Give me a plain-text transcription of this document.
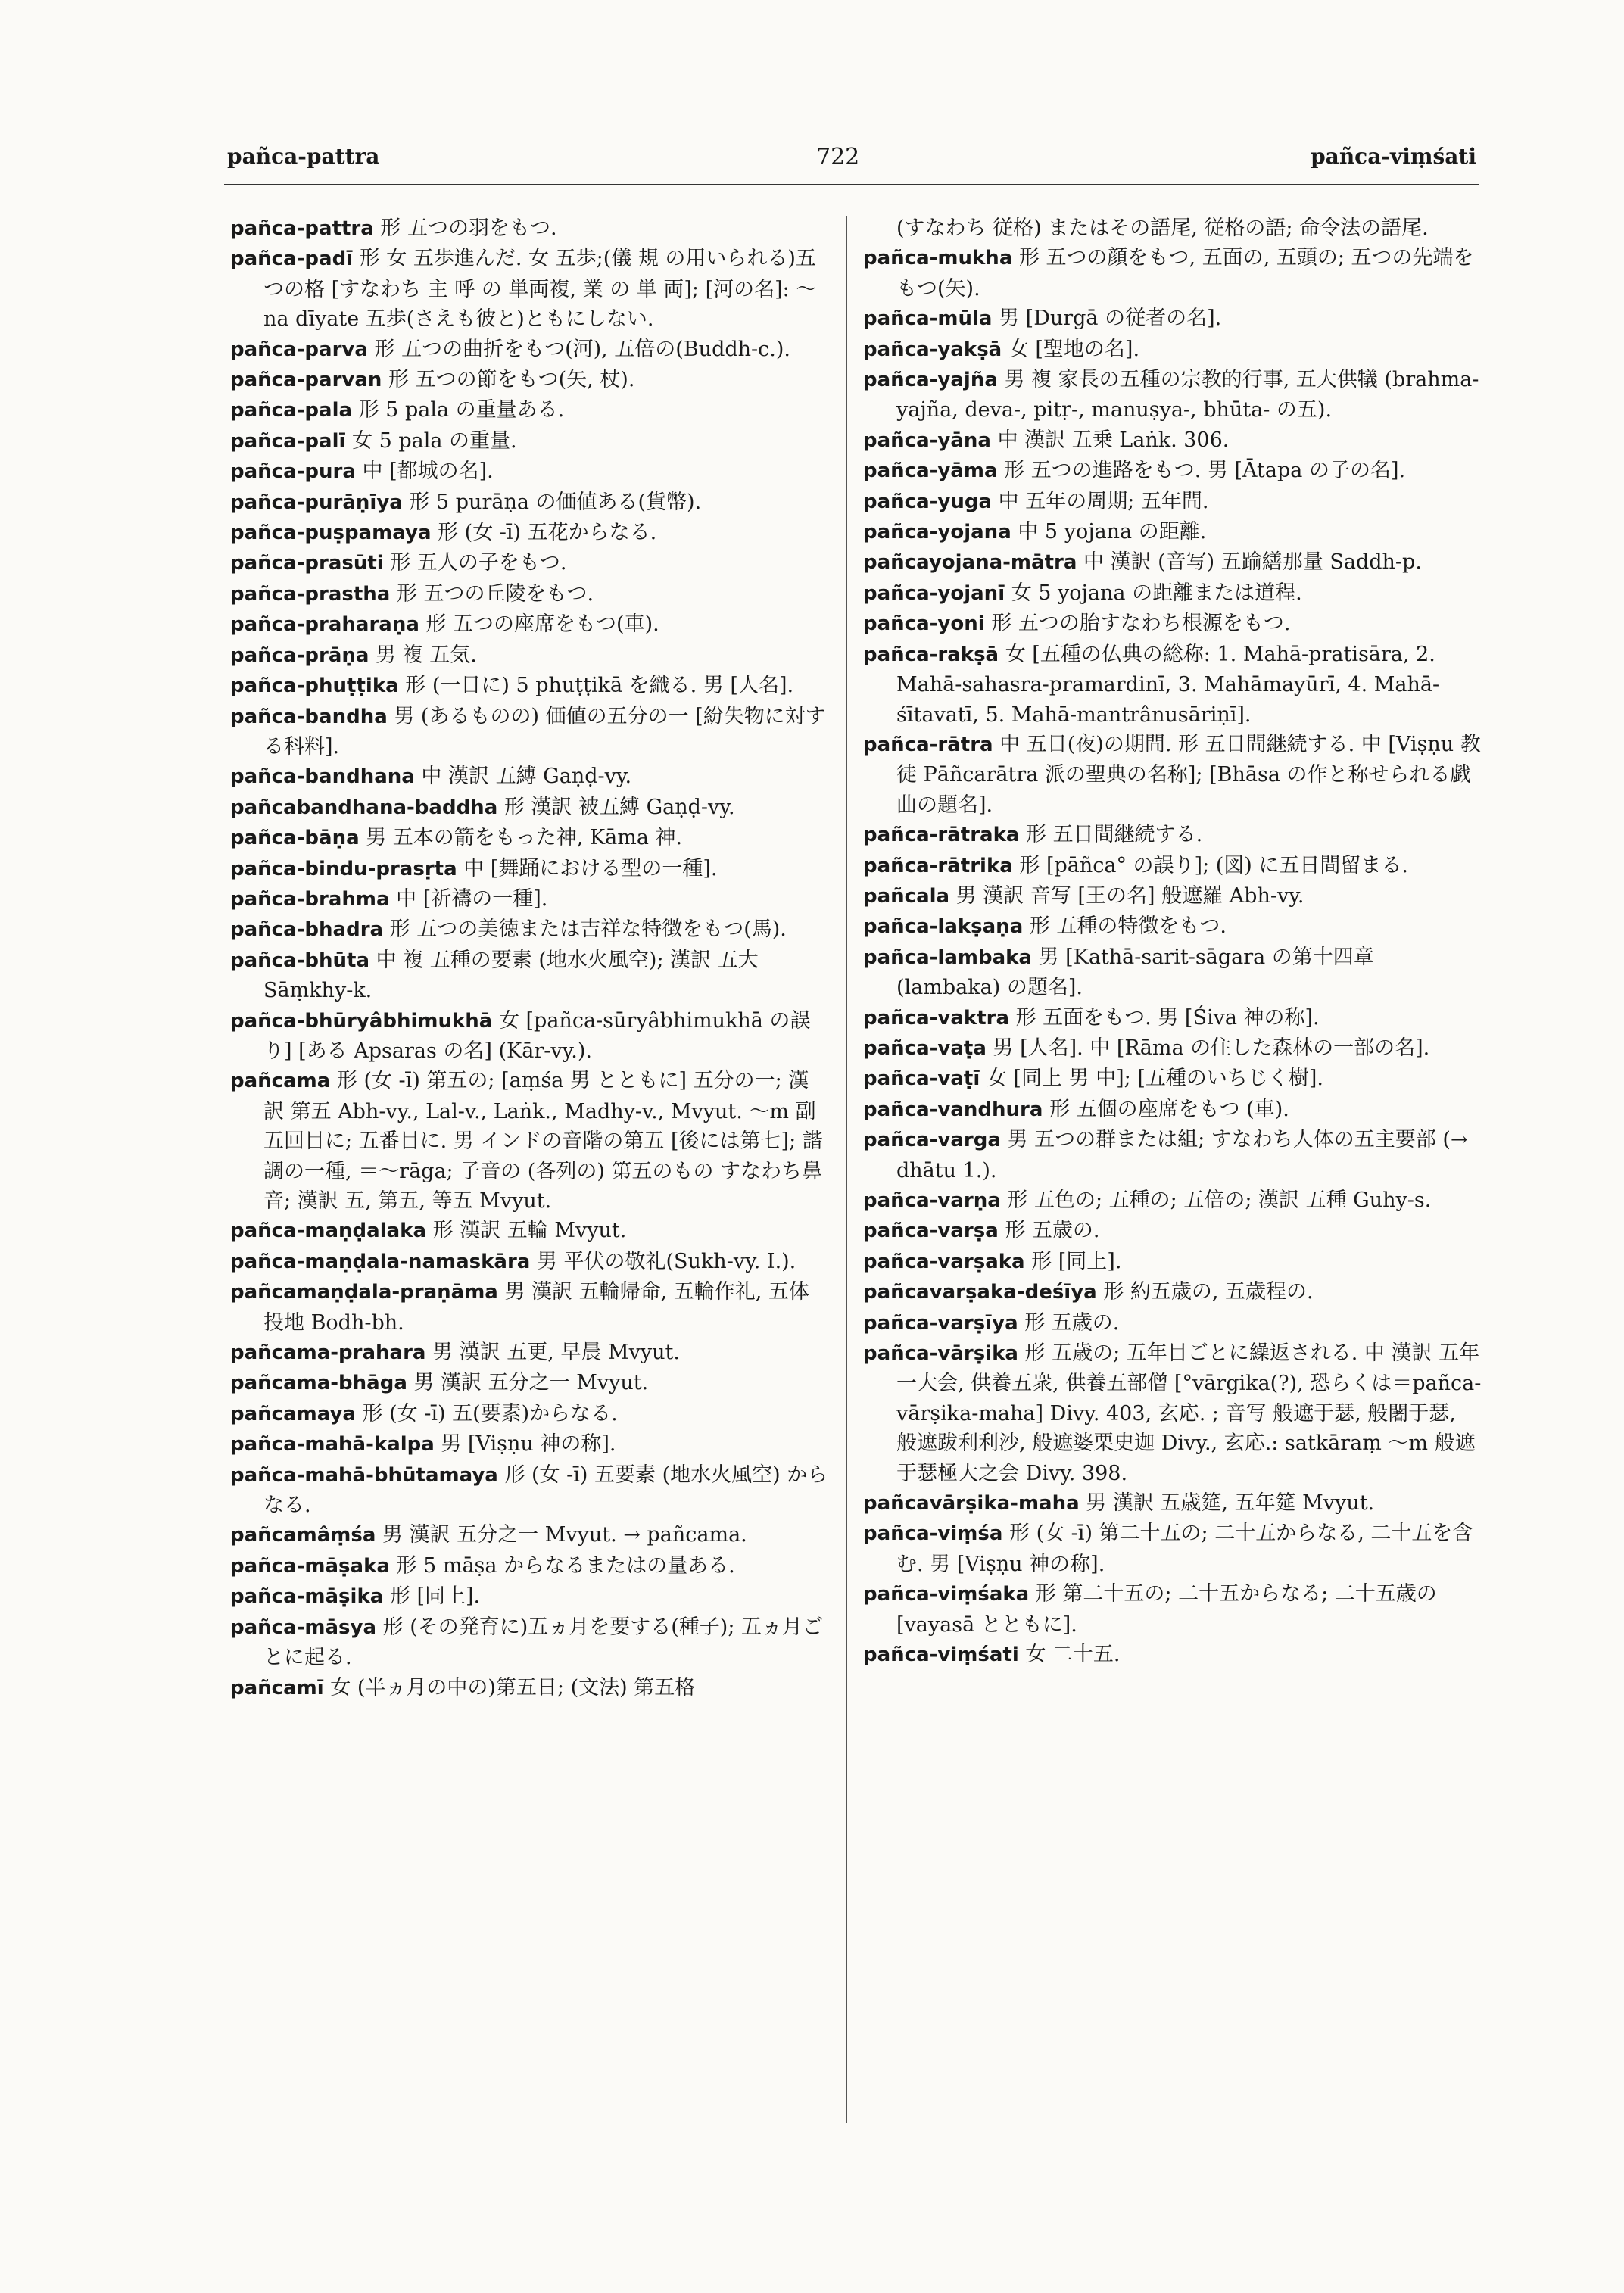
pañca-pattra	722	pañca-viṃśati

pañca-pattra 形 五つの羽をもつ.

pañca-padī 形 女 五歩進んだ. 女 五歩;(儀 規 の用いられる)五つの格 [すなわち 主 呼 の 単両複, 業 の 単 両]; [河の名]: ～ na dīyate 五歩(さえも彼と)ともにしない.

pañca-parva 形 五つの曲折をもつ(河), 五倍の(Buddh-c.).

pañca-parvan 形 五つの節をもつ(矢, 杖).

pañca-pala 形 5 pala の重量ある.

pañca-palī 女 5 pala の重量.

pañca-pura 中 [都城の名].

pañca-purāṇīya 形 5 purāṇa の価値ある(貨幣).

pañca-puṣpamaya 形 (女 -ī) 五花からなる.

pañca-prasūti 形 五人の子をもつ.

pañca-prastha 形 五つの丘陵をもつ.

pañca-praharaṇa 形 五つの座席をもつ(車).

pañca-prāṇa 男 複 五気.

pañca-phuṭṭika 形 (一日に) 5 phuṭṭikā を織る. 男 [人名].

pañca-bandha 男 (あるものの) 価値の五分の一 [紛失物に対する科料].

pañca-bandhana 中 漢訳 五縛 Gaṇḍ-vy.

pañcabandhana-baddha 形 漢訳 被五縛 Gaṇḍ-vy.

pañca-bāṇa 男 五本の箭をもった神, Kāma 神.

pañca-bindu-prasṛta 中 [舞踊における型の一種].

pañca-brahma 中 [祈禱の一種].

pañca-bhadra 形 五つの美徳または吉祥な特徴をもつ(馬).

pañca-bhūta 中 複 五種の要素 (地水火風空); 漢訳 五大 Sāṃkhy-k.

pañca-bhūryâbhimukhā 女 [pañca-sūryâbhimukhā の誤り] [ある Apsaras の名] (Kār-vy.).

pañcama 形 (女 -ī) 第五の; [aṃśa 男 とともに] 五分の一; 漢訳 第五 Abh-vy., Lal-v., Laṅk., Madhy-v., Mvyut. ～m 副 五回目に; 五番目に. 男 インドの音階の第五 [後には第七]; 諧調の一種, ＝～rāga; 子音の (各列の) 第五のもの すなわち鼻音; 漢訳 五, 第五, 等五 Mvyut.

pañca-maṇḍalaka 形 漢訳 五輪 Mvyut.

pañca-maṇḍala-namaskāra 男 平伏の敬礼(Sukh-vy. I.).

pañcamaṇḍala-praṇāma 男 漢訳 五輪帰命, 五輪作礼, 五体投地 Bodh-bh.

pañcama-prahara 男 漢訳 五更, 早晨 Mvyut.

pañcama-bhāga 男 漢訳 五分之一 Mvyut.

pañcamaya 形 (女 -ī) 五(要素)からなる.

pañca-mahā-kalpa 男 [Viṣṇu 神の称].

pañca-mahā-bhūtamaya 形 (女 -ī) 五要素 (地水火風空) からなる.

pañcamâṃśa 男 漢訳 五分之一 Mvyut. → pañcama.

pañca-māṣaka 形 5 māṣa からなるまたはの量ある.

pañca-māṣika 形 [同上].

pañca-māsya 形 (その発育に)五ヵ月を要する(種子); 五ヵ月ごとに起る.

pañcamī 女 (半ヵ月の中の)第五日; (文法) 第五格

(すなわち 従格) またはその語尾, 従格の語; 命令法の語尾.

pañca-mukha 形 五つの顔をもつ, 五面の, 五頭の; 五つの先端をもつ(矢).

pañca-mūla 男 [Durgā の従者の名].

pañca-yakṣā 女 [聖地の名].

pañca-yajña 男 複 家長の五種の宗教的行事, 五大供犠 (brahma-yajña, deva-, pitṛ-, manuṣya-, bhūta- の五).

pañca-yāna 中 漢訳 五乗 Laṅk. 306.

pañca-yāma 形 五つの進路をもつ. 男 [Ātapa の子の名].

pañca-yuga 中 五年の周期; 五年間.

pañca-yojana 中 5 yojana の距離.

pañcayojana-mātra 中 漢訳 (音写) 五踰繕那量 Saddh-p.

pañca-yojanī 女 5 yojana の距離または道程.

pañca-yoni 形 五つの胎すなわち根源をもつ.

pañca-rakṣā 女 [五種の仏典の総称: 1. Mahā-pratisāra, 2. Mahā-sahasra-pramardinī, 3. Mahāmayūrī, 4. Mahā-śītavatī, 5. Mahā-mantrânusāriṇī].

pañca-rātra 中 五日(夜)の期間. 形 五日間継続する. 中 [Viṣṇu 教徒 Pāñcarātra 派の聖典の名称]; [Bhāsa の作と称せられる戯曲の題名].

pañca-rātraka 形 五日間継続する.

pañca-rātrika 形 [pāñca° の誤り]; (図) に五日間留まる.

pañcala 男 漢訳 音写 [王の名] 般遮羅 Abh-vy.

pañca-lakṣaṇa 形 五種の特徴をもつ.

pañca-lambaka 男 [Kathā-sarit-sāgara の第十四章 (lambaka) の題名].

pañca-vaktra 形 五面をもつ. 男 [Śiva 神の称].

pañca-vaṭa 男 [人名]. 中 [Rāma の住した森林の一部の名].

pañca-vaṭī 女 [同上 男 中]; [五種のいちじく樹].

pañca-vandhura 形 五個の座席をもつ (車).

pañca-varga 男 五つの群または組; すなわち人体の五主要部 (→ dhātu 1.).

pañca-varṇa 形 五色の; 五種の; 五倍の; 漢訳 五種 Guhy-s.

pañca-varṣa 形 五歳の.

pañca-varṣaka 形 [同上].

pañcavarṣaka-deśīya 形 約五歳の, 五歳程の.

pañca-varṣīya 形 五歳の.

pañca-vārṣika 形 五歳の; 五年目ごとに繰返される. 中 漢訳 五年一大会, 供養五衆, 供養五部僧 [°vārgika(?), 恐らくは＝pañca-vārṣika-maha] Divy. 403, 玄応. ; 音写 般遮于瑟, 般闍于瑟, 般遮跋利利沙, 般遮婆栗史迦 Divy., 玄応.: satkāraṃ ～m 般遮于瑟極大之会 Divy. 398.

pañcavārṣika-maha 男 漢訳 五歳筵, 五年筵 Mvyut.

pañca-viṃśa 形 (女 -ī) 第二十五の; 二十五からなる, 二十五を含む. 男 [Viṣṇu 神の称].

pañca-viṃśaka 形 第二十五の; 二十五からなる; 二十五歳の [vayasā とともに].

pañca-viṃśati 女 二十五.
